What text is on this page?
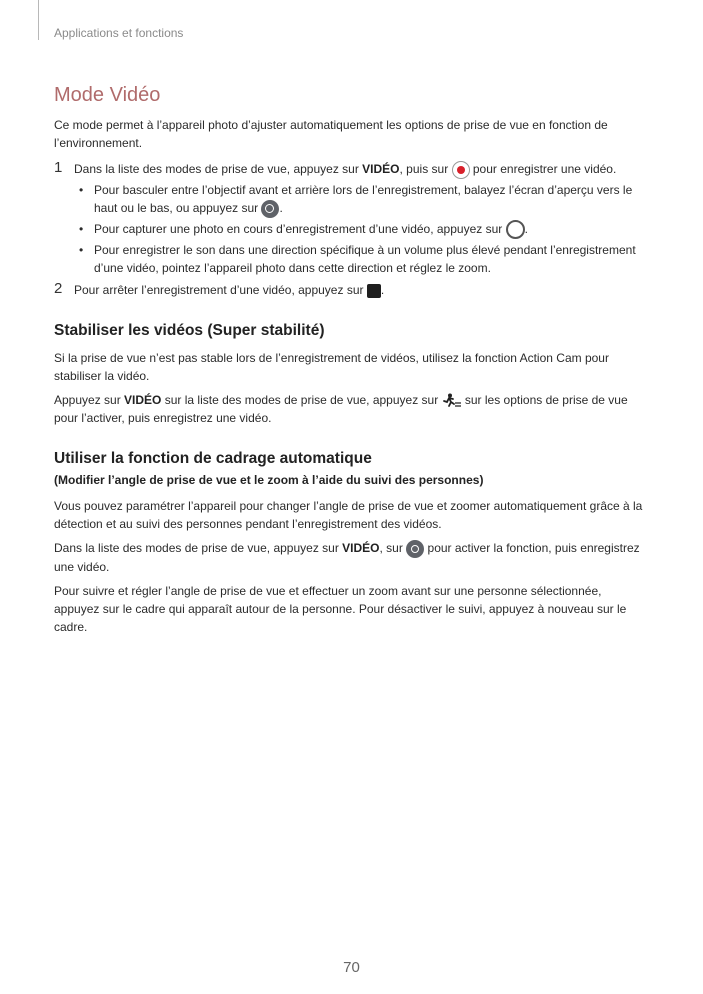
Applications et fonctions
Mode Vidéo

Ce mode permet à l’appareil photo d’ajuster automatiquement les options de prise de vue en fonction de l’environnement.

1 Dans la liste des modes de prise de vue, appuyez sur VIDÉO, puis sur  pour enregistrer une vidéo.
• Pour basculer entre l’objectif avant et arrière lors de l’enregistrement, balayez l’écran d’aperçu vers le haut ou le bas, ou appuyez sur .
• Pour capturer une photo en cours d’enregistrement d’une vidéo, appuyez sur .
• Pour enregistrer le son dans une direction spécifique à un volume plus élevé pendant l’enregistrement d’une vidéo, pointez l’appareil photo dans cette direction et réglez le zoom.
2 Pour arrêter l’enregistrement d’une vidéo, appuyez sur .
Stabiliser les vidéos (Super stabilité)

Si la prise de vue n’est pas stable lors de l’enregistrement de vidéos, utilisez la fonction Action Cam pour stabiliser la vidéo.

Appuyez sur VIDÉO sur la liste des modes de prise de vue, appuyez sur
sur les options de prise de vue pour l’activer, puis enregistrez une vidéo.

Utiliser la fonction de cadrage automatique
(Modifier l’angle de prise de vue et le zoom à l’aide du suivi des personnes)

Vous pouvez paramétrer l’appareil pour changer l’angle de prise de vue et zoomer automatiquement grâce à la détection et au suivi des personnes pendant l’enregistrement des vidéos.

Dans la liste des modes de prise de vue, appuyez sur VIDÉO, sur  pour activer la fonction, puis enregistrez une vidéo.

Pour suivre et régler l’angle de prise de vue et effectuer un zoom avant sur une personne sélectionnée, appuyez sur le cadre qui apparaît autour de la personne. Pour désactiver le suivi, appuyez à nouveau sur le cadre.

70
